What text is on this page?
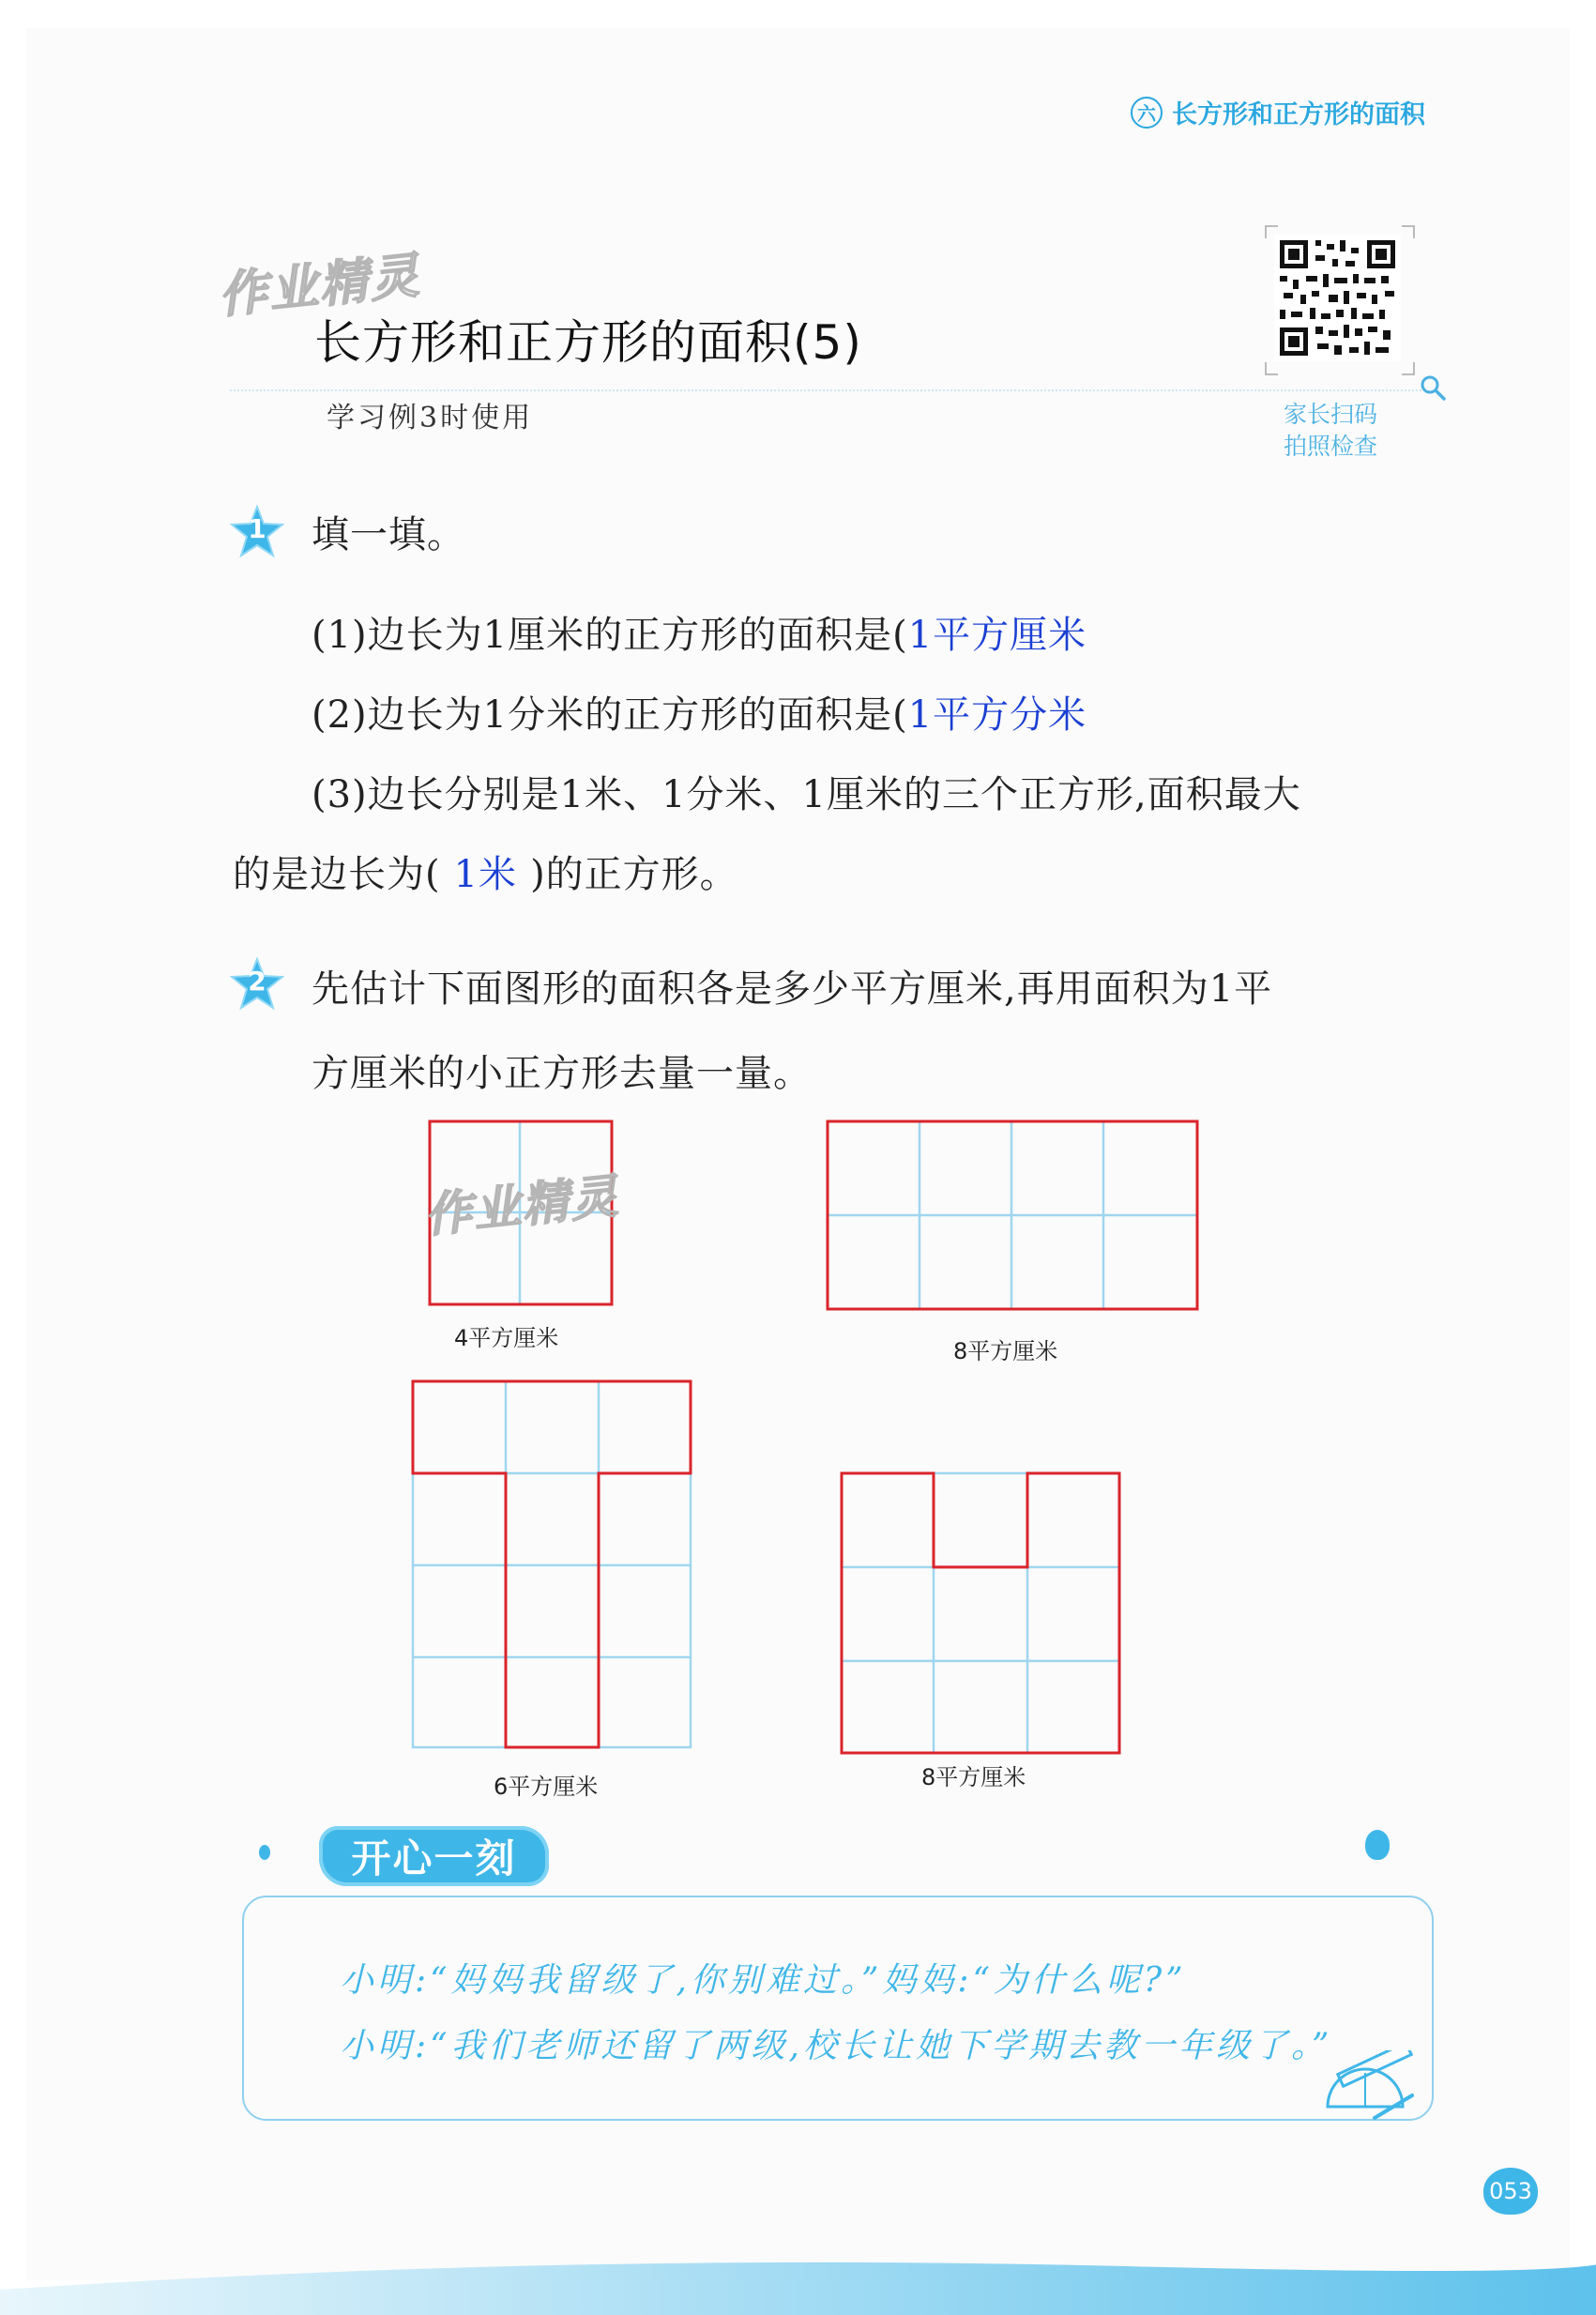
六 长方形和正方形的面积
作业精灵
长方形和正方形的面积(5)
学习例3时使用	家长扫码
拍照检查
1	填一填。
(1)边长为1厘米的正方形的面积是(1平方厘米
(2)边长为1分米的正方形的面积是(1平方分米
(3)边长分别是1米、1分米、1厘米的三个正方形,面积最大
的是边长为( 1米 )的正方形。
2	先估计下面图形的面积各是多少平方厘米,再用面积为1平
方厘米的小正方形去量一量。
作业精灵
4平方厘米	8平方厘米
6平方厘米	8平方厘米
开心一刻
小明:“妈妈我留级了,你别难过。”妈妈:“为什么呢?”
小明:“我们老师还留了两级,校长让她下学期去教一年级了。”
053
